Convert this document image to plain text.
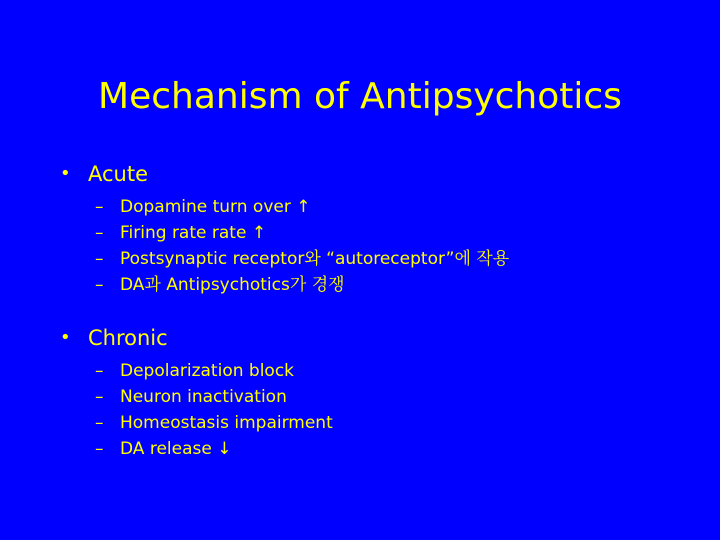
Mechanism of Antipsychotics
• Acute
– Dopamine turn over ↑
– Firing rate rate ↑
– Postsynaptic receptor와 “autoreceptor”에 작용
– DA과 Antipsychotics가 경쟁
• Chronic
– Depolarization block
– Neuron inactivation
– Homeostasis impairment
– DA release ↓
